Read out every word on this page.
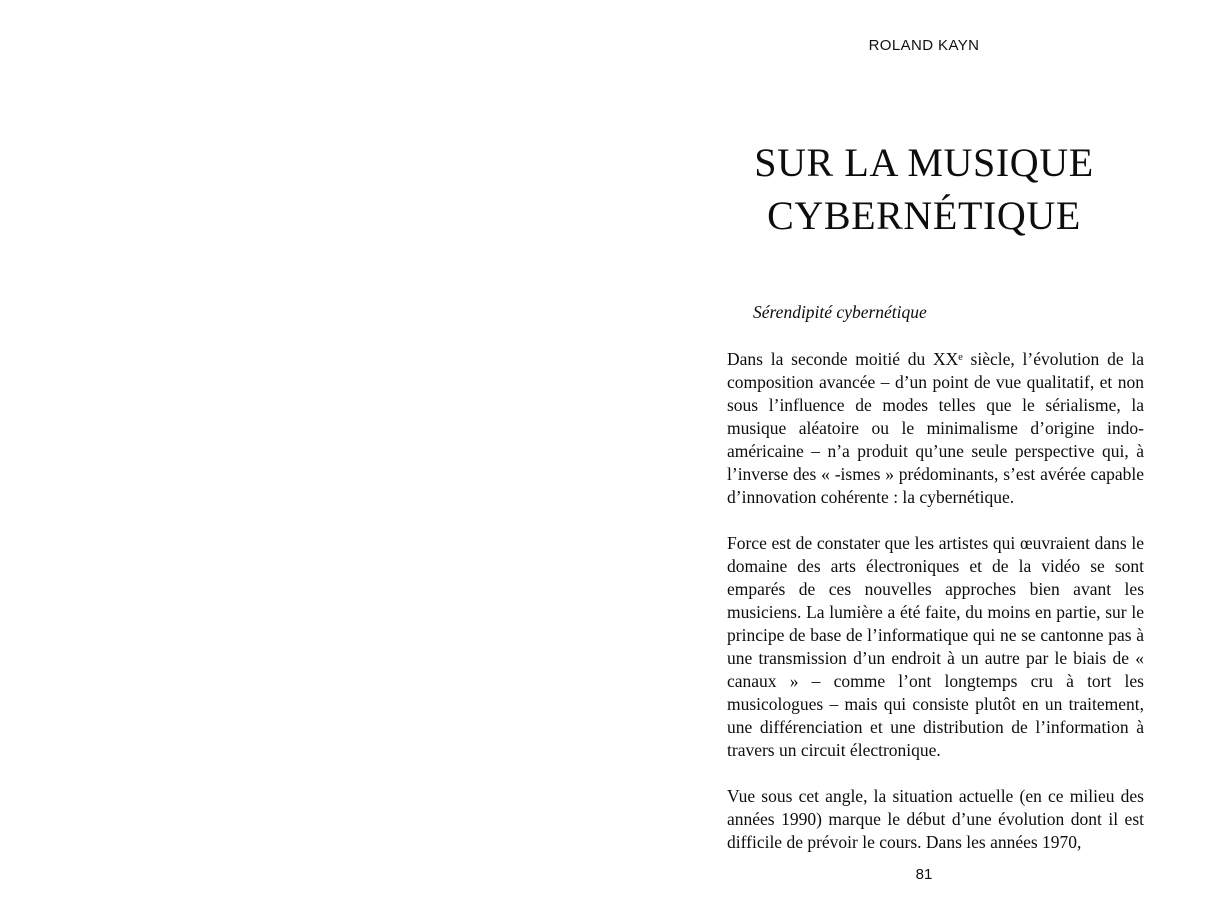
ROLAND KAYN
SUR LA MUSIQUE
CYBERNÉTIQUE
Sérendipité cybernétique

Dans la seconde moitié du XXᵉ siècle, l’évolution de la composition avancée – d’un point de vue qualitatif, et non sous l’influence de modes telles que le sérialisme, la musique aléatoire ou le minimalisme d’origine indo-américaine – n’a produit qu’une seule perspective qui, à l’inverse des « -ismes » prédominants, s’est avérée capable d’innovation cohérente : la cybernétique.

Force est de constater que les artistes qui œuvraient dans le domaine des arts électroniques et de la vidéo se sont emparés de ces nouvelles approches bien avant les musiciens. La lumière a été faite, du moins en partie, sur le principe de base de l’informatique qui ne se cantonne pas à une transmission d’un endroit à un autre par le biais de « canaux » – comme l’ont longtemps cru à tort les musicologues – mais qui consiste plutôt en un traitement, une différenciation et une distribution de l’information à travers un circuit électronique.

Vue sous cet angle, la situation actuelle (en ce milieu des années 1990) marque le début d’une évolution dont il est difficile de prévoir le cours. Dans les années 1970,

81
